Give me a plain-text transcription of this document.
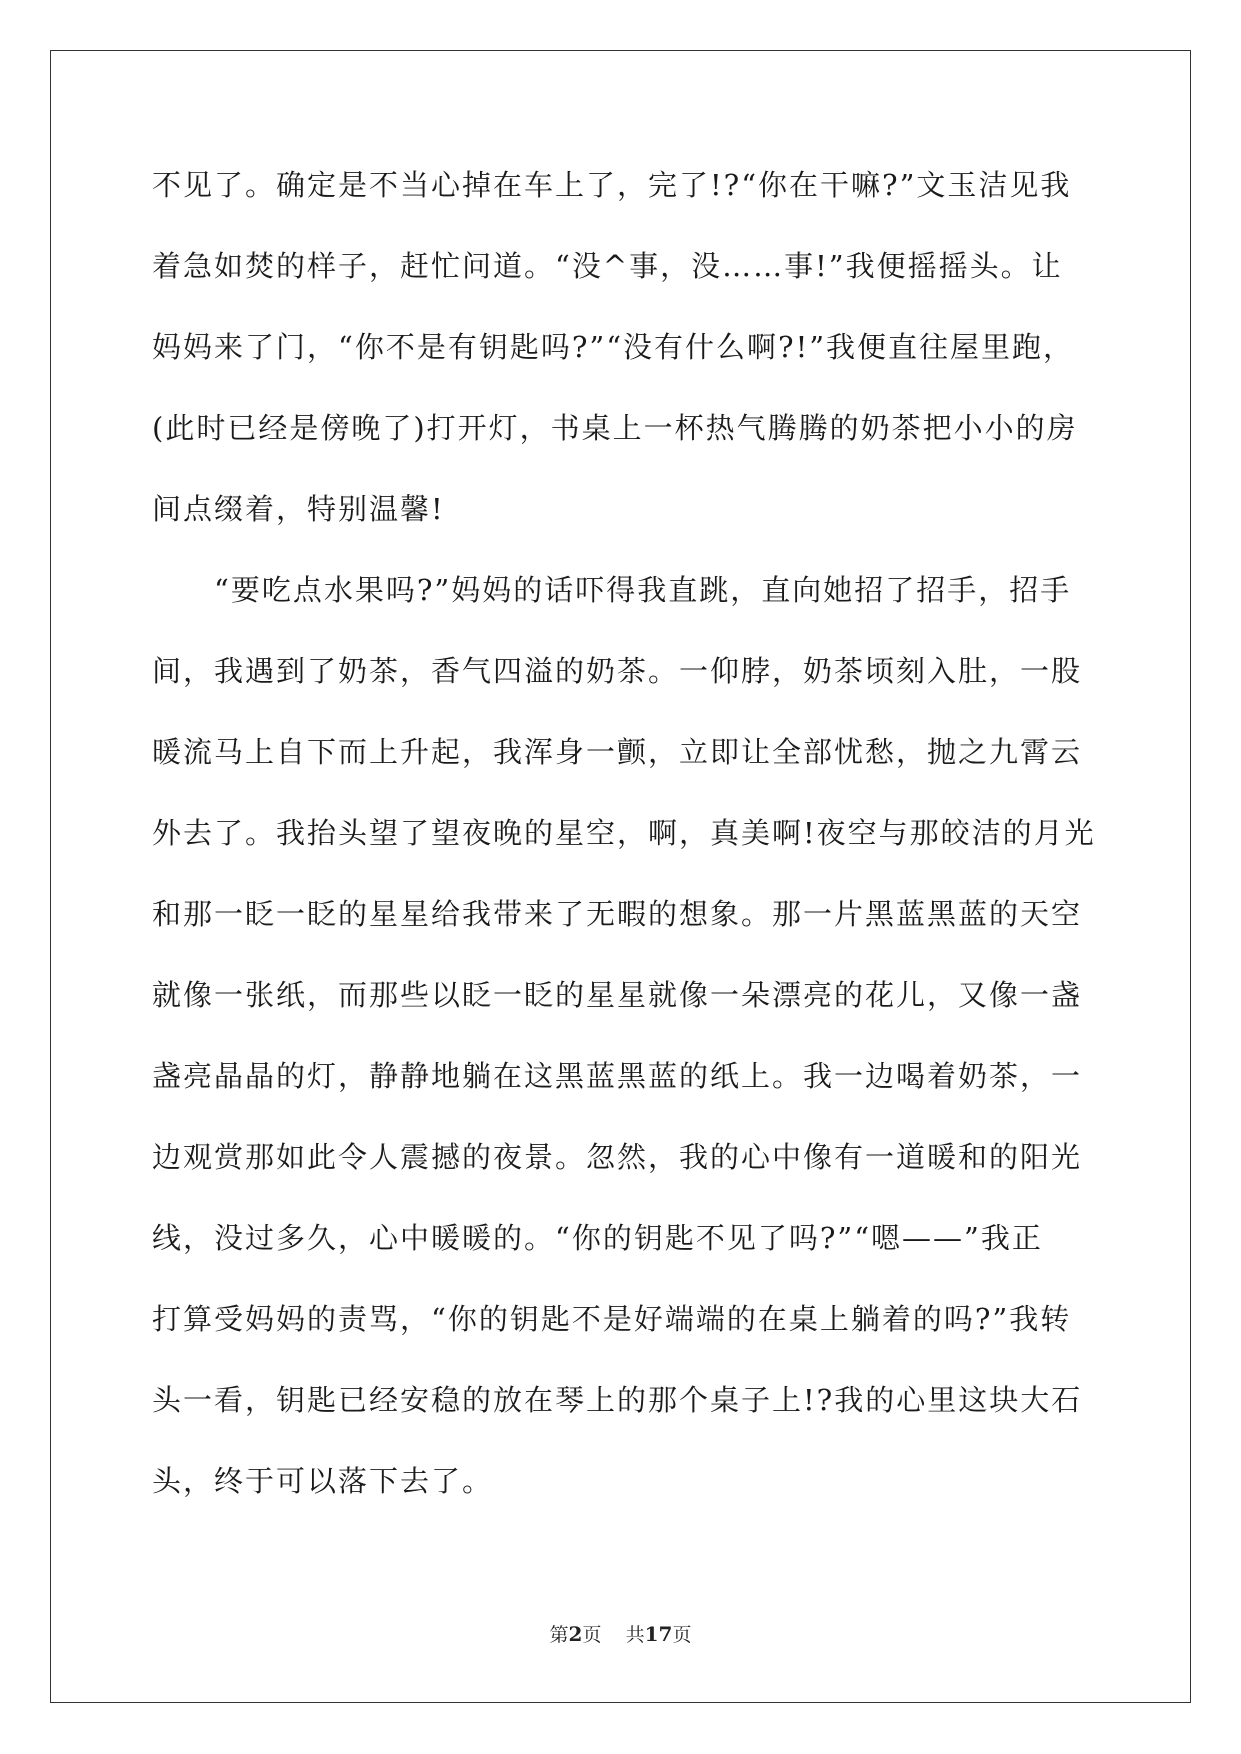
不见了。确定是不当心掉在车上了，完了!?“你在干嘛?”文玉洁见我
着急如焚的样子，赶忙问道。“没^事，没……事!”我便摇摇头。让
妈妈来了门，“你不是有钥匙吗?”“没有什么啊?!”我便直往屋里跑，
(此时已经是傍晚了)打开灯，书桌上一杯热气腾腾的奶茶把小小的房
间点缀着，特别温馨!
“要吃点水果吗?”妈妈的话吓得我直跳，直向她招了招手，招手
间，我遇到了奶茶，香气四溢的奶茶。一仰脖，奶茶顷刻入肚，一股
暖流马上自下而上升起，我浑身一颤，立即让全部忧愁，抛之九霄云
外去了。我抬头望了望夜晚的星空，啊，真美啊!夜空与那皎洁的月光
和那一眨一眨的星星给我带来了无暇的想象。那一片黑蓝黑蓝的天空
就像一张纸，而那些以眨一眨的星星就像一朵漂亮的花儿，又像一盏
盏亮晶晶的灯，静静地躺在这黑蓝黑蓝的纸上。我一边喝着奶茶，一
边观赏那如此令人震撼的夜景。忽然，我的心中像有一道暖和的阳光
线，没过多久，心中暖暖的。“你的钥匙不见了吗?”“嗯——”我正
打算受妈妈的责骂，“你的钥匙不是好端端的在桌上躺着的吗?”我转
头一看，钥匙已经安稳的放在琴上的那个桌子上!?我的心里这块大石
头，终于可以落下去了。
第2页 共17页
